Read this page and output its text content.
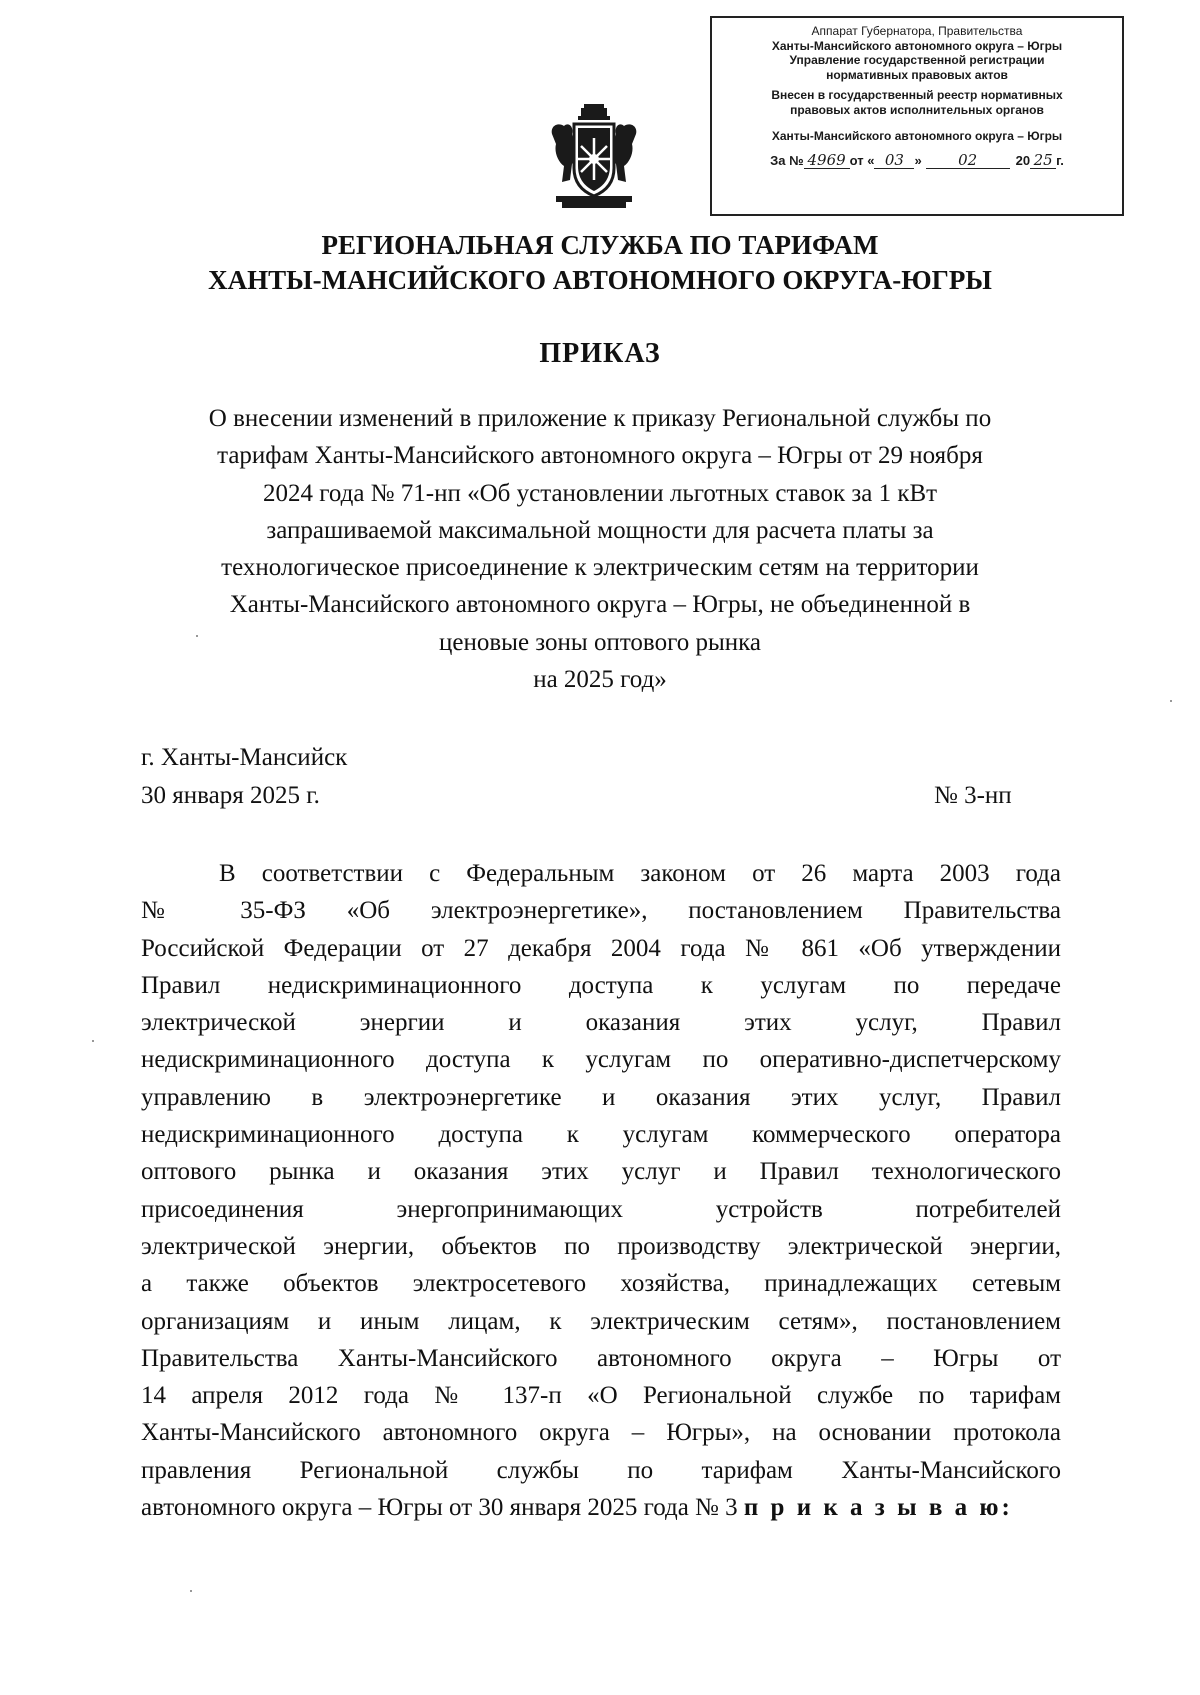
Аппарат Губернатора, Правительства
Ханты-Мансийского автономного округа – Югры
Управление государственной регистрации
нормативных правовых актов
Внесен в государственный реестр нормативных
правовых актов исполнительных органов
Ханты-Мансийского автономного округа – Югры
За № 4969 от « 03 »	02	20 25 г.
РЕГИОНАЛЬНАЯ СЛУЖБА ПО ТАРИФАМ
ХАНТЫ-МАНСИЙСКОГО АВТОНОМНОГО ОКРУГА-ЮГРЫ
ПРИКАЗ
О внесении изменений в приложение к приказу Региональной службы по
тарифам Ханты-Мансийского автономного округа – Югры от 29 ноября
2024 года № 71-нп «Об установлении льготных ставок за 1 кВт
запрашиваемой максимальной мощности для расчета платы за
технологическое присоединение к электрическим сетям на территории
Ханты-Мансийского автономного округа – Югры, не объединенной в
ценовые зоны оптового рынка
на 2025 год»
г. Ханты-Мансийск
30 января 2025 г.	№ 3-нп
В соответствии с Федеральным законом от 26 марта 2003 года
№ 35-ФЗ «Об электроэнергетике», постановлением Правительства
Российской Федерации от 27 декабря 2004 года № 861 «Об утверждении
Правил недискриминационного доступа к услугам по передаче
электрической энергии и оказания этих услуг, Правил
недискриминационного доступа к услугам по оперативно-диспетчерскому
управлению в электроэнергетике и оказания этих услуг, Правил
недискриминационного доступа к услугам коммерческого оператора
оптового рынка и оказания этих услуг и Правил технологического
присоединения энергопринимающих устройств потребителей
электрической энергии, объектов по производству электрической энергии,
а также объектов электросетевого хозяйства, принадлежащих сетевым
организациям и иным лицам, к электрическим сетям», постановлением
Правительства Ханты-Мансийского автономного округа – Югры от
14 апреля 2012 года № 137-п «О Региональной службе по тарифам
Ханты-Мансийского автономного округа – Югры», на основании протокола
правления Региональной службы по тарифам Ханты-Мансийского
автономного округа – Югры от 30 января 2025 года № 3 п р и к а з ы в а ю:
